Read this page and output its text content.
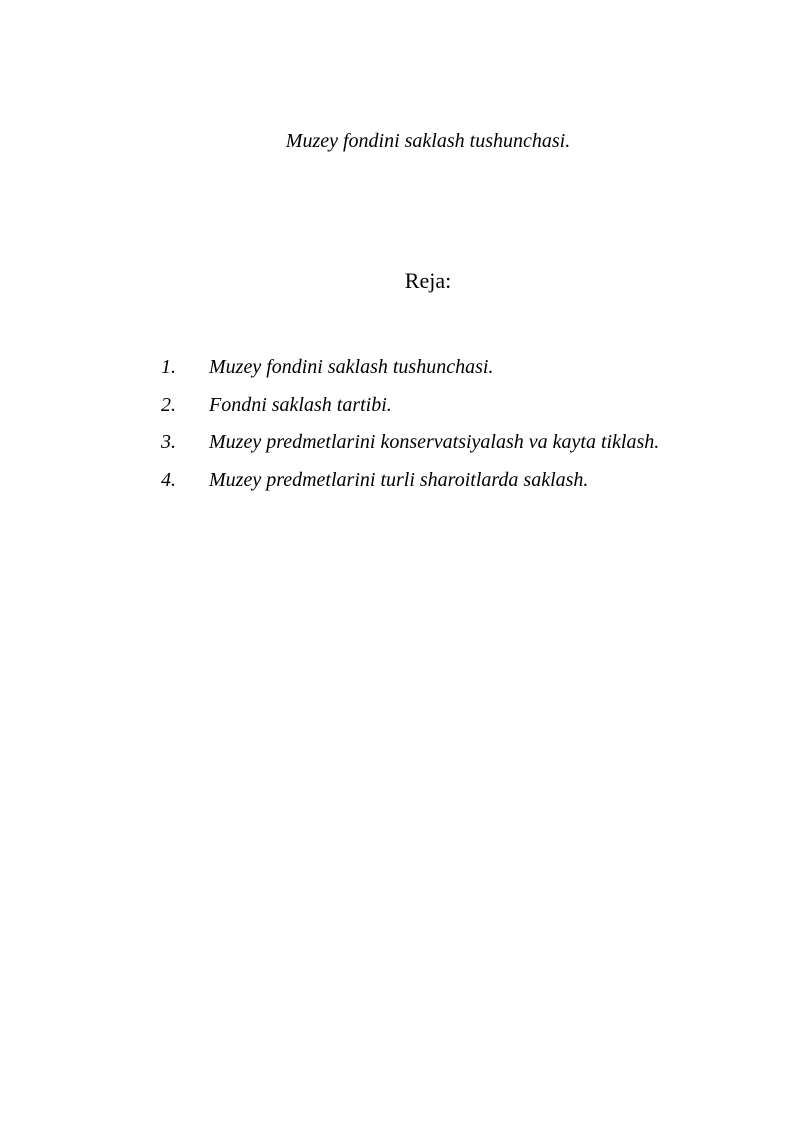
Muzey fondini saklash tushunchasi.

Reja:
1.	Muzey fondini saklash tushunchasi.
2.	Fondni saklash tartibi.
3.	Muzey predmetlarini konservatsiyalash va kayta tiklash.
4.	Muzey predmetlarini turli sharoitlarda saklash.
